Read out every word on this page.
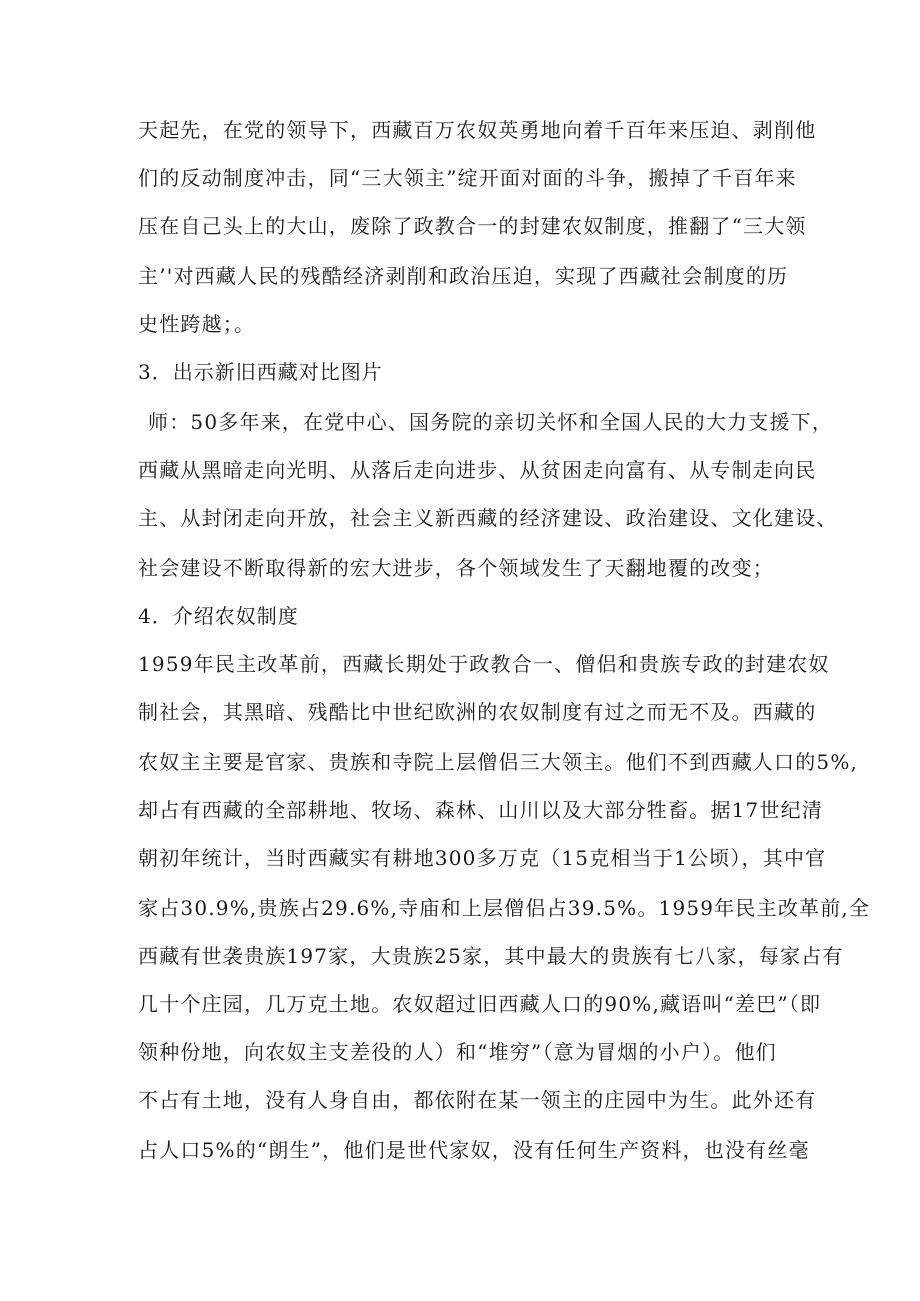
天起先，在党的领导下，西藏百万农奴英勇地向着千百年来压迫、剥削他
们的反动制度冲击，同“三大领主”绽开面对面的斗争，搬掉了千百年来
压在自己头上的大山，废除了政教合一的封建农奴制度，推翻了“三大领
主’'对西藏人民的残酷经济剥削和政治压迫，实现了西藏社会制度的历
史性跨越；。
3．出示新旧西藏对比图片
师：50多年来，在党中心、国务院的亲切关怀和全国人民的大力支援下，
西藏从黑暗走向光明、从落后走向进步、从贫困走向富有、从专制走向民
主、从封闭走向开放，社会主义新西藏的经济建设、政治建设、文化建设、
社会建设不断取得新的宏大进步，各个领域发生了天翻地覆的改变；
4．介绍农奴制度
1959年民主改革前，西藏长期处于政教合一、僧侣和贵族专政的封建农奴
制社会，其黑暗、残酷比中世纪欧洲的农奴制度有过之而无不及。西藏的
农奴主主要是官家、贵族和寺院上层僧侣三大领主。他们不到西藏人口的5%,
却占有西藏的全部耕地、牧场、森林、山川以及大部分牲畜。据17世纪清
朝初年统计，当时西藏实有耕地300多万克（15克相当于1公顷），其中官
家占30.9%,贵族占29.6%,寺庙和上层僧侣占39.5%。1959年民主改革前,全
西藏有世袭贵族197家，大贵族25家，其中最大的贵族有七八家，每家占有
几十个庄园，几万克土地。农奴超过旧西藏人口的90%,藏语叫“差巴”（即
领种份地，向农奴主支差役的人）和“堆穷”（意为冒烟的小户）。他们
不占有土地，没有人身自由，都依附在某一领主的庄园中为生。此外还有
占人口5%的“朗生”，他们是世代家奴，没有任何生产资料，也没有丝毫
